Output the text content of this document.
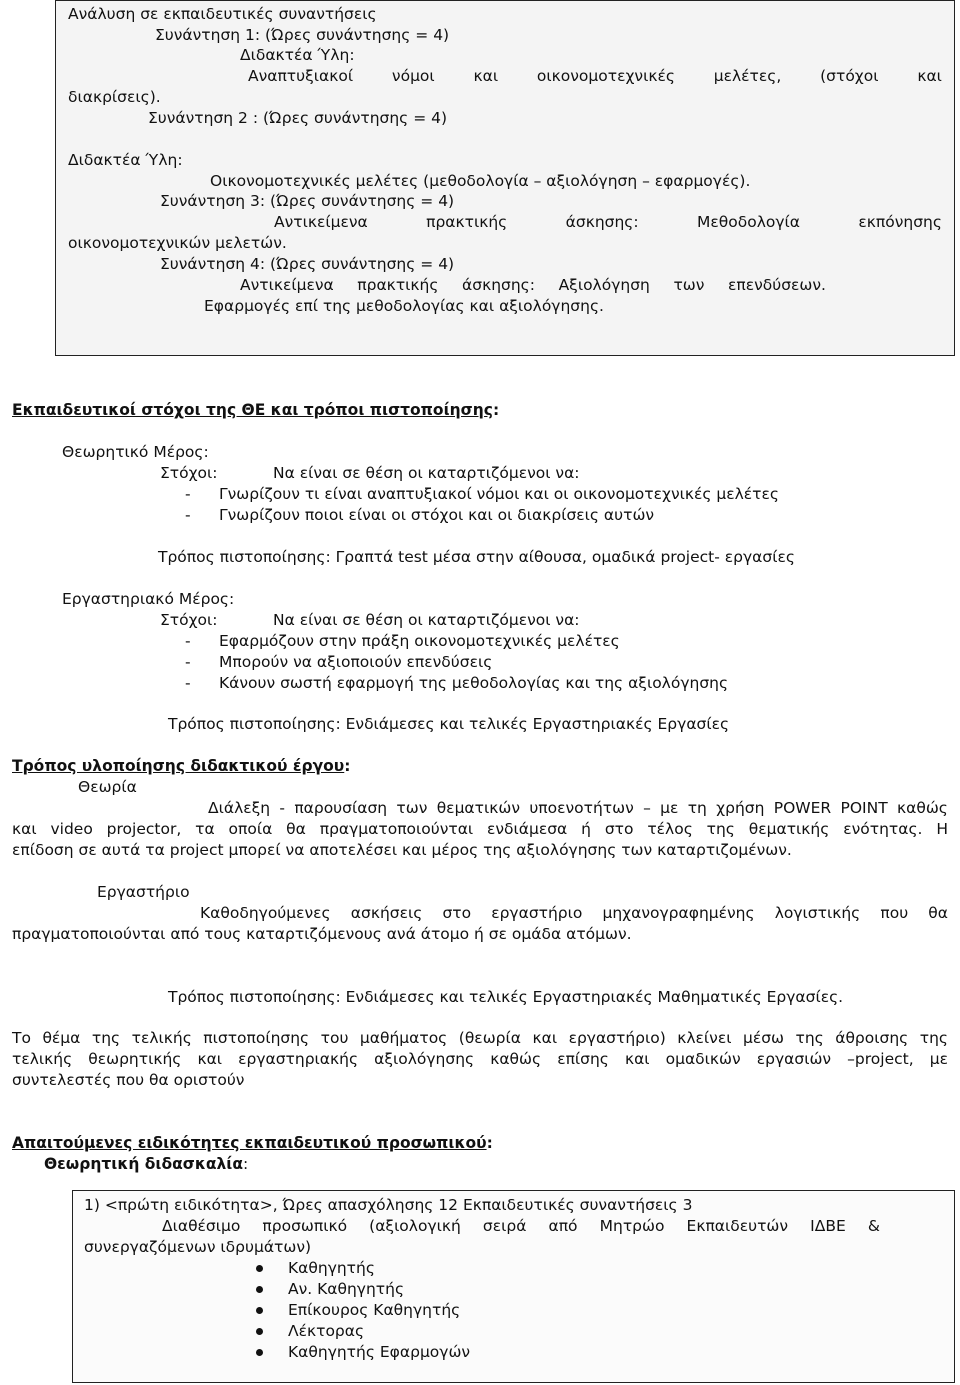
Ανάλυση σε εκπαιδευτικές συναντήσεις
Συνάντηση 1: (Ώρες συνάντησης = 4)
Διδακτέα Ύλη:
Αναπτυξιακοί	νόμοι	και	οικονομοτεχνικές	μελέτες,	(στόχοι	και
διακρίσεις).
Συνάντηση 2 : (Ώρες συνάντησης = 4)
Διδακτέα Ύλη:
Οικονομοτεχνικές μελέτες (μεθοδολογία – αξιολόγηση – εφαρμογές).
Συνάντηση 3: (Ώρες συνάντησης = 4)
Αντικείμενα	πρακτικής	άσκησης:	Μεθοδολογία	εκπόνησης
οικονομοτεχνικών μελετών.
Συνάντηση 4: (Ώρες συνάντησης = 4)
Αντικείμενα πρακτικής άσκησης: Αξιολόγηση των επενδύσεων.
Εφαρμογές επί της μεθοδολογίας και αξιολόγησης.
Εκπαιδευτικοί στόχοι της ΘΕ και τρόποι πιστοποίησης:
Θεωρητικό Μέρος:
Στόχοι:	Να είναι σε θέση οι καταρτιζόμενοι να:
- Γνωρίζουν τι είναι αναπτυξιακοί νόμοι και οι οικονομοτεχνικές μελέτες
- Γνωρίζουν ποιοι είναι οι στόχοι και οι διακρίσεις αυτών
Τρόπος πιστοποίησης: Γραπτά test μέσα στην αίθουσα, ομαδικά project- εργασίες
Εργαστηριακό Μέρος:
Στόχοι:	Να είναι σε θέση οι καταρτιζόμενοι να:
- Εφαρμόζουν στην πράξη οικονομοτεχνικές μελέτες
- Μπορούν να αξιοποιούν επενδύσεις
- Κάνουν σωστή εφαρμογή της μεθοδολογίας και της αξιολόγησης
Τρόπος πιστοποίησης: Ενδιάμεσες και τελικές Εργαστηριακές Εργασίες
Τρόπος υλοποίησης διδακτικού έργου:
Θεωρία
Διάλεξη - παρουσίαση των θεματικών υποενοτήτων – με τη χρήση POWER POINT καθώς
και video projector, τα οποία θα πραγματοποιούνται ενδιάμεσα ή στο τέλος της θεματικής ενότητας. Η
επίδοση σε αυτά τα project μπορεί να αποτελέσει και μέρος της αξιολόγησης των καταρτιζομένων.
Εργαστήριο
Καθοδηγούμενες ασκήσεις στο εργαστήριο μηχανογραφημένης λογιστικής που θα
πραγματοποιούνται από τους καταρτιζόμενους ανά άτομο ή σε ομάδα ατόμων.
Τρόπος πιστοποίησης: Ενδιάμεσες και τελικές Εργαστηριακές Μαθηματικές Εργασίες.
Το θέμα της τελικής πιστοποίησης του μαθήματος (θεωρία και εργαστήριο) κλείνει μέσω της άθροισης της
τελικής θεωρητικής και εργαστηριακής αξιολόγησης καθώς επίσης και ομαδικών εργασιών –project, με
συντελεστές που θα οριστούν
Απαιτούμενες ειδικότητες εκπαιδευτικού προσωπικού:
Θεωρητική διδασκαλία:
1) <πρώτη ειδικότητα>, Ώρες απασχόλησης 12 Εκπαιδευτικές συναντήσεις 3
Διαθέσιμο προσωπικό (αξιολογική σειρά από Μητρώο Εκπαιδευτών ΙΔΒΕ &
συνεργαζόμενων ιδρυμάτων)
Καθηγητής
Αν. Καθηγητής
Επίκουρος Καθηγητής
Λέκτορας
Καθηγητής Εφαρμογών
